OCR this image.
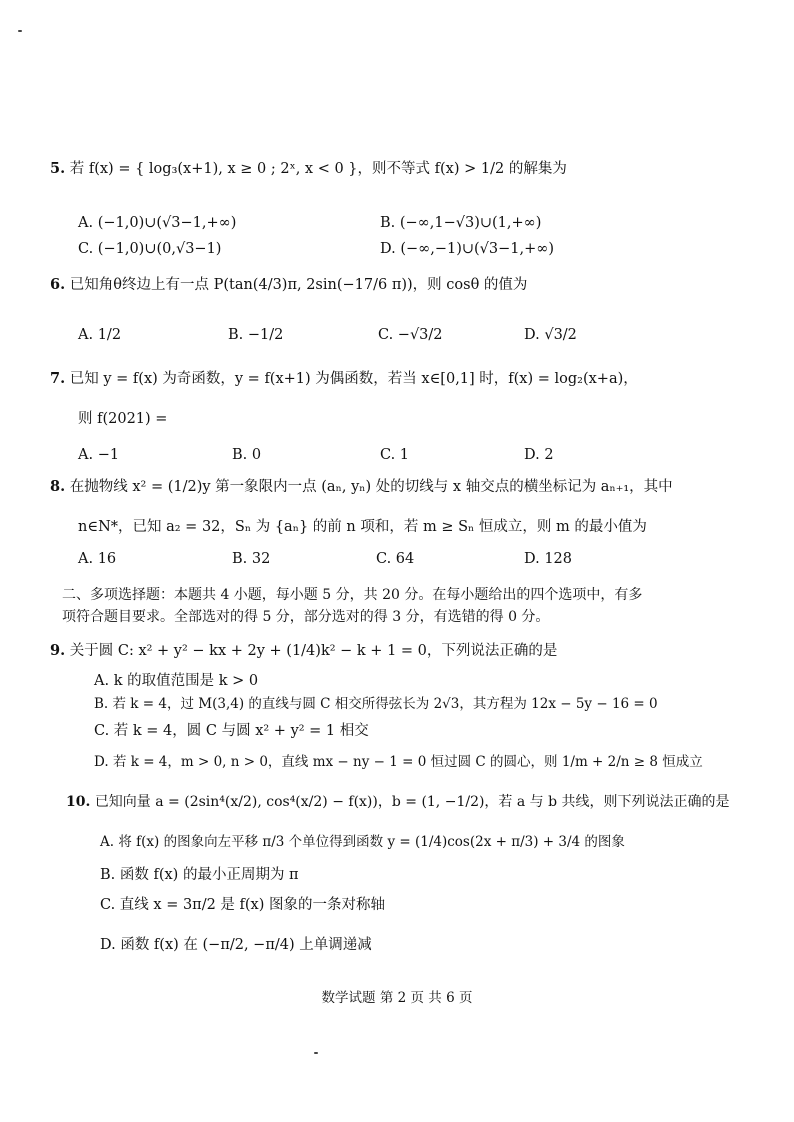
5. 若 f(x) = { log₃(x+1), x ≥ 0 ; 2ˣ, x < 0 }，则不等式 f(x) > 1/2 的解集为
A. (−1,0)∪(√3−1,+∞)	B. (−∞,1−√3)∪(1,+∞)
C. (−1,0)∪(0,√3−1)	D. (−∞,−1)∪(√3−1,+∞)
6. 已知角θ终边上有一点 P(tan(4/3)π, 2sin(−17/6 π))，则 cosθ 的值为
A. 1/2	B. −1/2	C. −√3/2	D. √3/2
7. 已知 y = f(x) 为奇函数，y = f(x+1) 为偶函数，若当 x∈[0,1] 时，f(x) = log₂(x+a)，
则 f(2021) =
A. −1	B. 0	C. 1	D. 2
8. 在抛物线 x² = (1/2)y 第一象限内一点 (aₙ, yₙ) 处的切线与 x 轴交点的横坐标记为 aₙ₊₁，其中
n∈N*，已知 a₂ = 32，Sₙ 为 {aₙ} 的前 n 项和，若 m ≥ Sₙ 恒成立，则 m 的最小值为
A. 16	B. 32	C. 64	D. 128
二、多项选择题：本题共 4 小题，每小题 5 分，共 20 分。在每小题给出的四个选项中，有多
项符合题目要求。全部选对的得 5 分，部分选对的得 3 分，有选错的得 0 分。
9. 关于圆 C: x² + y² − kx + 2y + (1/4)k² − k + 1 = 0，下列说法正确的是
A. k 的取值范围是 k > 0
B. 若 k = 4，过 M(3,4) 的直线与圆 C 相交所得弦长为 2√3，其方程为 12x − 5y − 16 = 0
C. 若 k = 4，圆 C 与圆 x² + y² = 1 相交
D. 若 k = 4，m > 0, n > 0，直线 mx − ny − 1 = 0 恒过圆 C 的圆心，则 1/m + 2/n ≥ 8 恒成立
10. 已知向量 a = (2sin⁴(x/2), cos⁴(x/2) − f(x))，b = (1, −1/2)，若 a 与 b 共线，则下列说法正确的是
A. 将 f(x) 的图象向左平移 π/3 个单位得到函数 y = (1/4)cos(2x + π/3) + 3/4 的图象
B. 函数 f(x) 的最小正周期为 π
C. 直线 x = 3π/2 是 f(x) 图象的一条对称轴
D. 函数 f(x) 在 (−π/2, −π/4) 上单调递减
数学试题 第 2 页 共 6 页
